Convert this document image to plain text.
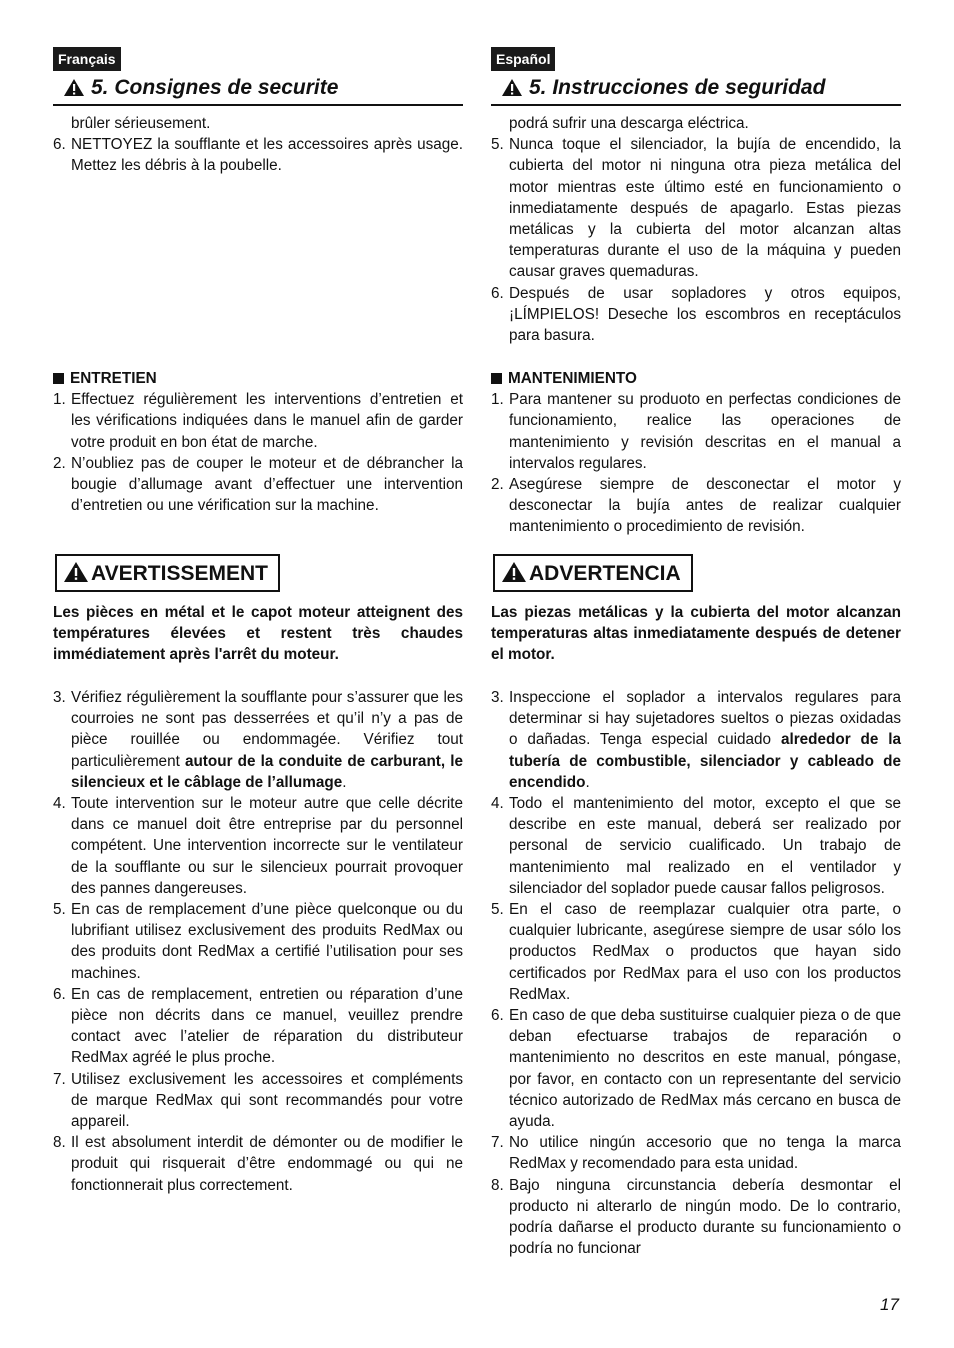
Français
5. Consignes de securite
brûler sérieusement.
6. NETTOYEZ la soufflante et les accessoires après usage. Mettez les débris à la poubelle.
ENTRETIEN
1. Effectuez régulièrement les interventions d’entretien et les vérifications indiquées dans le manuel afin de garder votre produit en bon état de marche.
2. N’oubliez pas de couper le moteur et de débrancher la bougie d’allumage avant d’effectuer une intervention d’entretien ou une vérification sur la machine.
AVERTISSEMENT
Les pièces en métal et le capot moteur atteignent des températures élevées et restent très chaudes immédiatement après l'arrêt du moteur.
3. Vérifiez régulièrement la soufflante pour s’assurer que les courroies ne sont pas desserrées et qu’il n’y a pas de pièce rouillée ou endommagée. Vérifiez tout particulièrement autour de la conduite de carburant, le silencieux et le câblage de l’allumage.
4. Toute intervention sur le moteur autre que celle décrite dans ce manuel doit être entreprise par du personnel compétent. Une intervention incorrecte sur le ventilateur de la soufflante ou sur le silencieux pourrait provoquer des pannes dangereuses.
5. En cas de remplacement d’une pièce quelconque ou du lubrifiant utilisez exclusivement des produits RedMax ou des produits dont RedMax a certifié l’utilisation pour ses machines.
6. En cas de remplacement, entretien ou réparation d’une pièce non décrits dans ce manuel, veuillez prendre contact avec l’atelier de réparation du distributeur RedMax agréé le plus proche.
7. Utilisez exclusivement les accessoires et compléments de marque RedMax qui sont recommandés pour votre appareil.
8. Il est absolument interdit de démonter ou de modifier le produit qui risquerait d’être endommagé ou qui ne fonctionnerait plus correctement.
Español
5. Instrucciones de seguridad
podrá sufrir una descarga eléctrica.
5. Nunca toque el silenciador, la bujía de encendido, la cubierta del motor ni ninguna otra pieza metálica del motor mientras este último esté en funcionamiento o inmediatamente después de apagarlo. Estas piezas metálicas y la cubierta del motor alcanzan altas temperaturas durante el uso de la máquina y pueden causar graves quemaduras.
6. Después de usar sopladores y otros equipos, ¡LÍMPIELOS! Deseche los escombros en receptáculos para basura.
MANTENIMIENTO
1. Para mantener su produoto en perfectas condiciones de funcionamiento, realice las operaciones de mantenimiento y revisión descritas en el manual a intervalos regulares.
2. Asegúrese siempre de desconectar el motor y desconectar la bujía antes de realizar cualquier mantenimiento o procedimiento de revisión.
ADVERTENCIA
Las piezas metálicas y la cubierta del motor alcanzan temperaturas altas inmediatamente después de detener el motor.
3. Inspeccione el soplador a intervalos regulares para determinar si hay sujetadores sueltos o piezas oxidadas o dañadas. Tenga especial cuidado alrededor de la tubería de combustible, silenciador y cableado de encendido.
4. Todo el mantenimiento del motor, excepto el que se describe en este manual, deberá ser realizado por personal de servicio cualificado. Un trabajo de mantenimiento mal realizado en el ventilador y silenciador del soplador puede causar fallos peligrosos.
5. En el caso de reemplazar cualquier otra parte, o cualquier lubricante, asegúrese siempre de usar sólo los productos RedMax o productos que hayan sido certificados por RedMax para el uso con los productos RedMax.
6. En caso de que deba sustituirse cualquier pieza o de que deban efectuarse trabajos de reparación o mantenimiento no descritos en este manual, póngase, por favor, en contacto con un representante del servicio técnico autorizado de RedMax más cercano en busca de ayuda.
7. No utilice ningún accesorio que no tenga la marca RedMax y recomendado para esta unidad.
8. Bajo ninguna circunstancia debería desmontar el producto ni alterarlo de ningún modo. De lo contrario, podría dañarse el producto durante su funcionamiento o podría no funcionar
17
